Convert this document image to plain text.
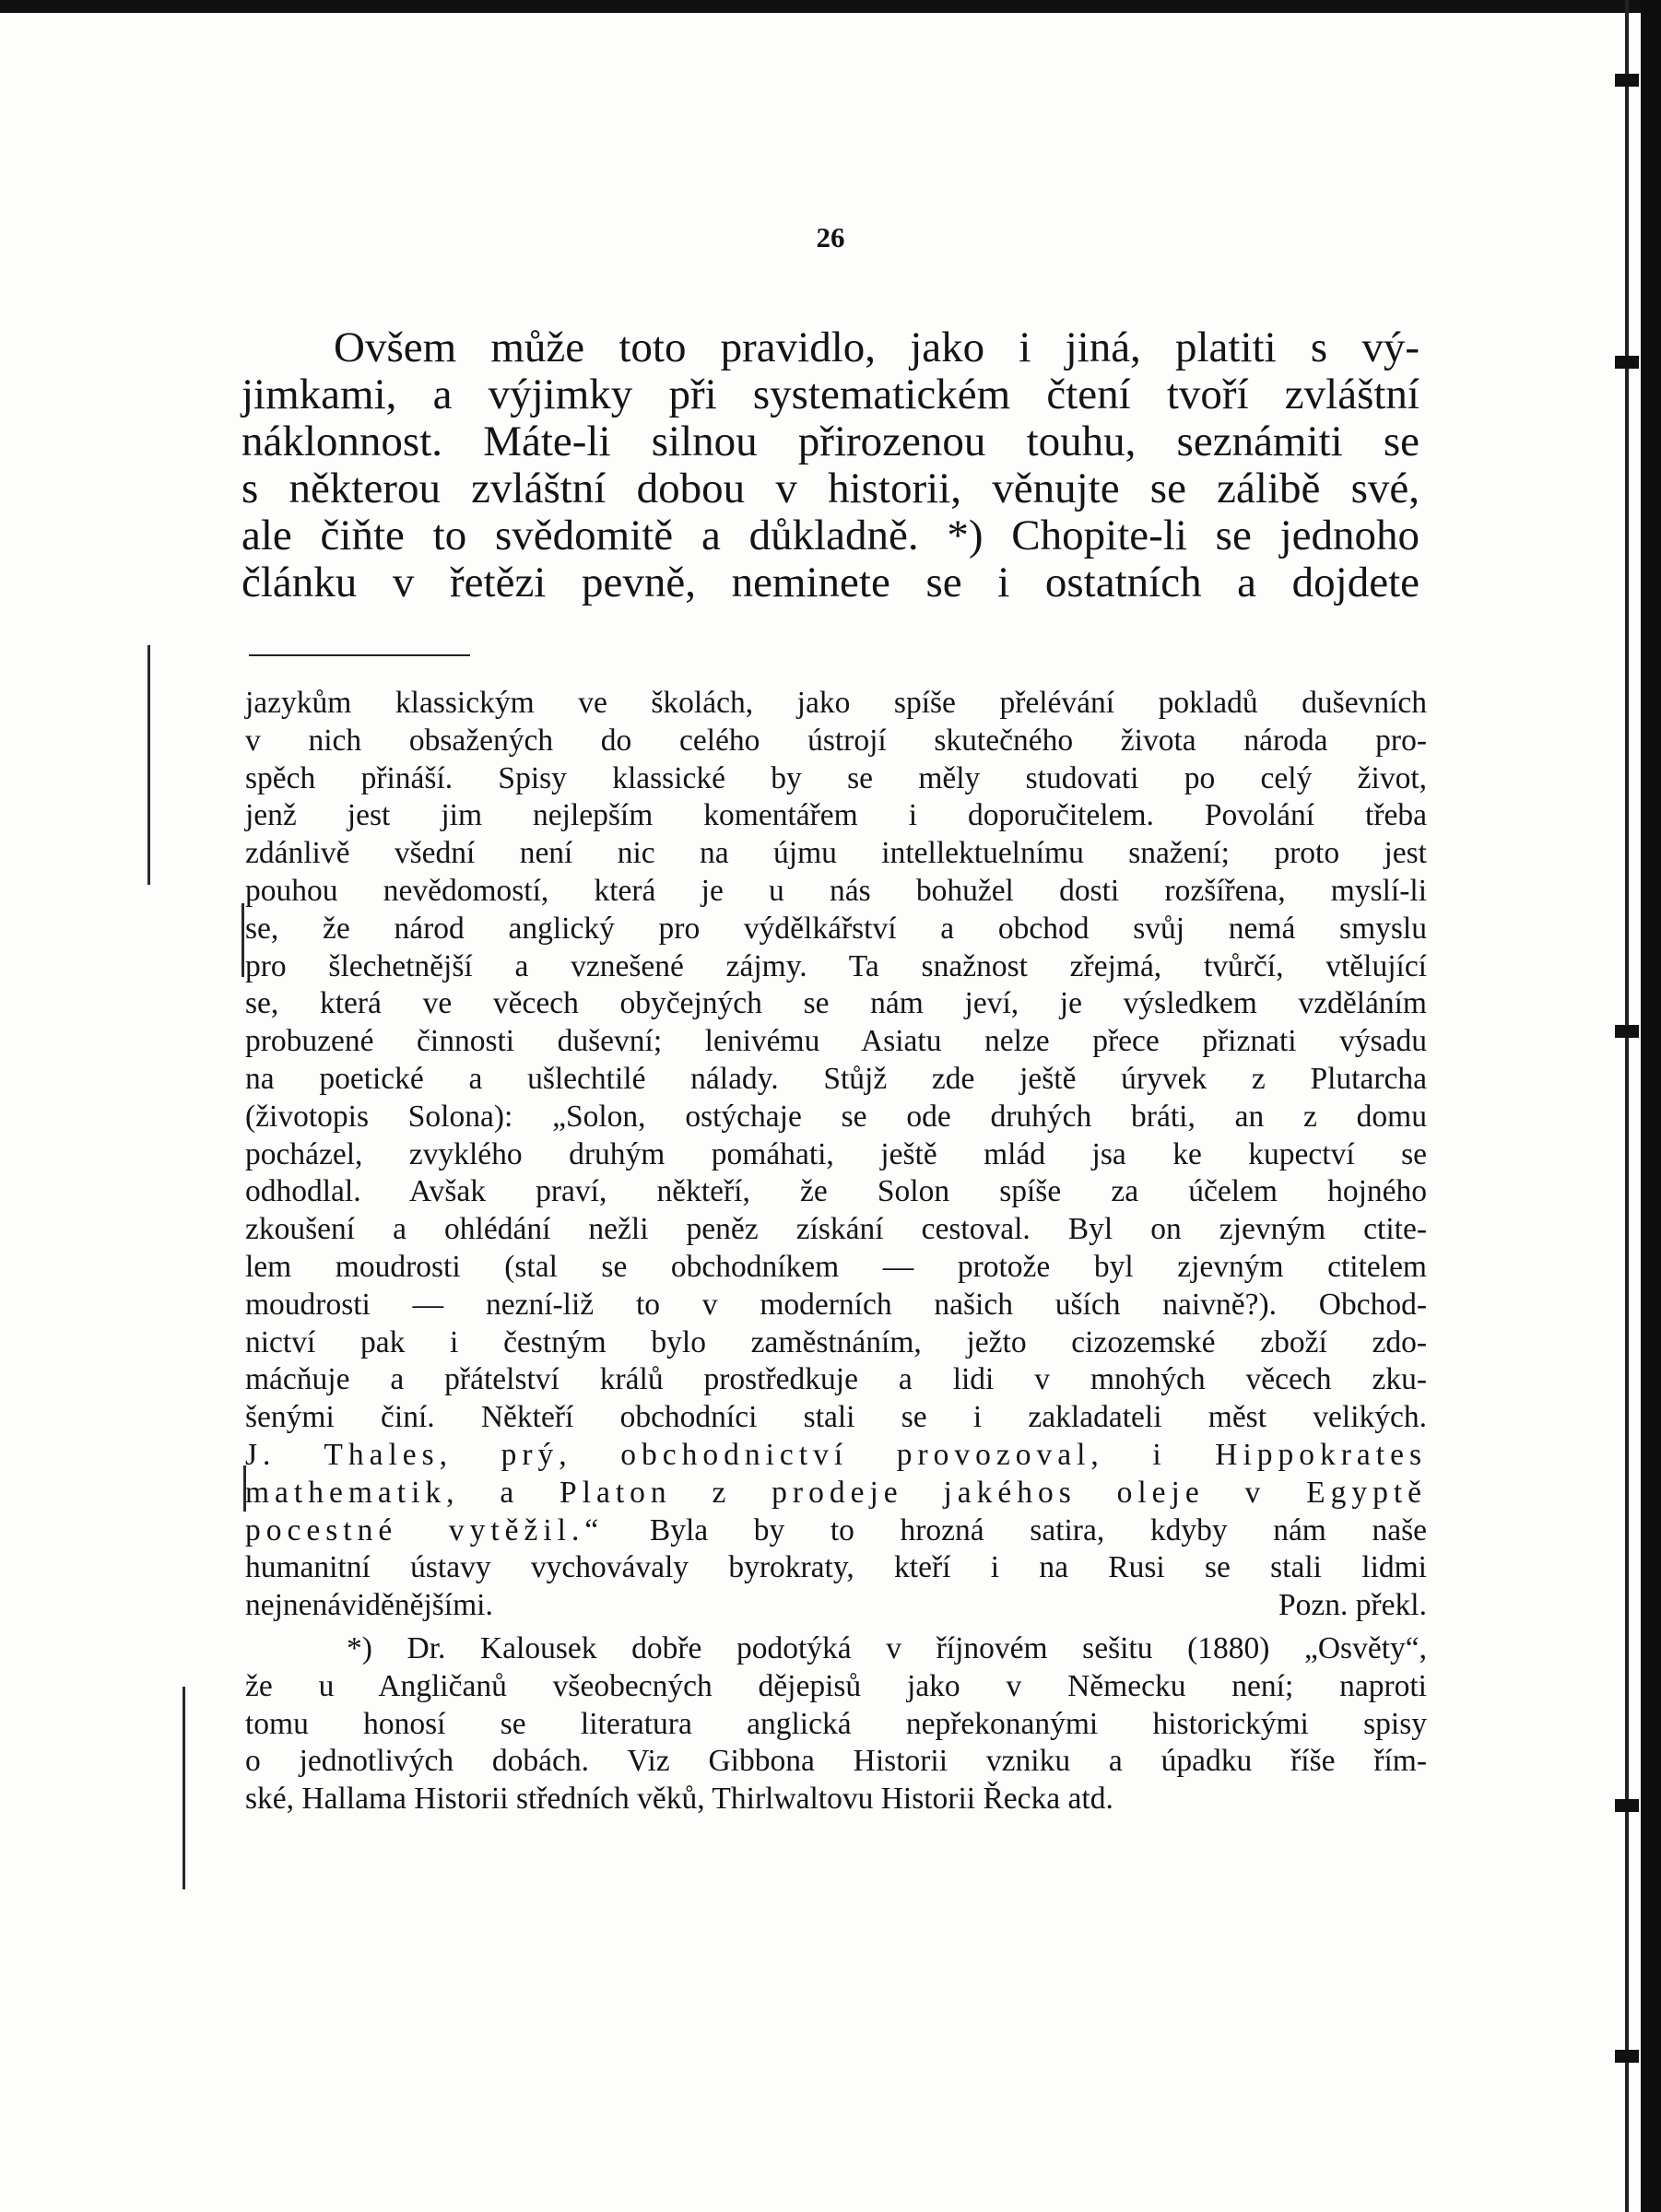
26
Ovšem může toto pravidlo, jako i jiná, platiti s vý-
jimkami, a výjimky při systematickém čtení tvoří zvláštní
náklonnost. Máte-li silnou přirozenou touhu, seznámiti se
s některou zvláštní dobou v historii, věnujte se zálibě své,
ale čiňte to svědomitě a důkladně. *) Chopite-li se jednoho
článku v řetězi pevně, neminete se i ostatních a dojdete
jazykům klassickým ve školách, jako spíše přelévání pokladů duševních
v nich obsažených do celého ústrojí skutečného života národa pro-
spěch přináší. Spisy klassické by se měly studovati po celý život,
jenž jest jim nejlepším komentářem i doporučitelem. Povolání třeba
zdánlivě všední není nic na újmu intellektuelnímu snažení; proto jest
pouhou nevědomostí, která je u nás bohužel dosti rozšířena, myslí-li
se, že národ anglický pro výdělkářství a obchod svůj nemá smyslu
pro šlechetnější a vznešené zájmy. Ta snažnost zřejmá, tvůrčí, vtělující
se, která ve věcech obyčejných se nám jeví, je výsledkem vzděláním
probuzené činnosti duševní; lenivému Asiatu nelze přece přiznati výsadu
na poetické a ušlechtilé nálady. Stůjž zde ještě úryvek z Plutarcha
(životopis Solona): „Solon, ostýchaje se ode druhých bráti, an z domu
pocházel, zvyklého druhým pomáhati, ještě mlád jsa ke kupectví se
odhodlal. Avšak praví, někteří, že Solon spíše za účelem hojného
zkoušení a ohlédání nežli peněz získání cestoval. Byl on zjevným ctite-
lem moudrosti (stal se obchodníkem — protože byl zjevným ctitelem
moudrosti — nezní-liž to v moderních našich uších naivně?). Obchod-
nictví pak i čestným bylo zaměstnáním, ježto cizozemské zboží zdo-
mácňuje a přátelství králů prostředkuje a lidi v mnohých věcech zku-
šenými činí. Někteří obchodníci stali se i zakladateli měst velikých.
J. Thales, prý, obchodnictví provozoval, i Hippokrates
mathematik, a Platon z prodeje jakéhos oleje v Egyptě
pocestné vytěžil.“ Byla by to hrozná satira, kdyby nám naše
humanitní ústavy vychovávaly byrokraty, kteří i na Rusi se stali lidmi
nejnenáviděnějšími.	Pozn. překl.
*) Dr. Kalousek dobře podotýká v říjnovém sešitu (1880) „Osvěty“,
že u Angličanů všeobecných dějepisů jako v Německu není; naproti
tomu honosí se literatura anglická nepřekonanými historickými spisy
o jednotlivých dobách. Viz Gibbona Historii vzniku a úpadku říše řím-
ské, Hallama Historii středních věků, Thirlwaltovu Historii Řecka atd.
